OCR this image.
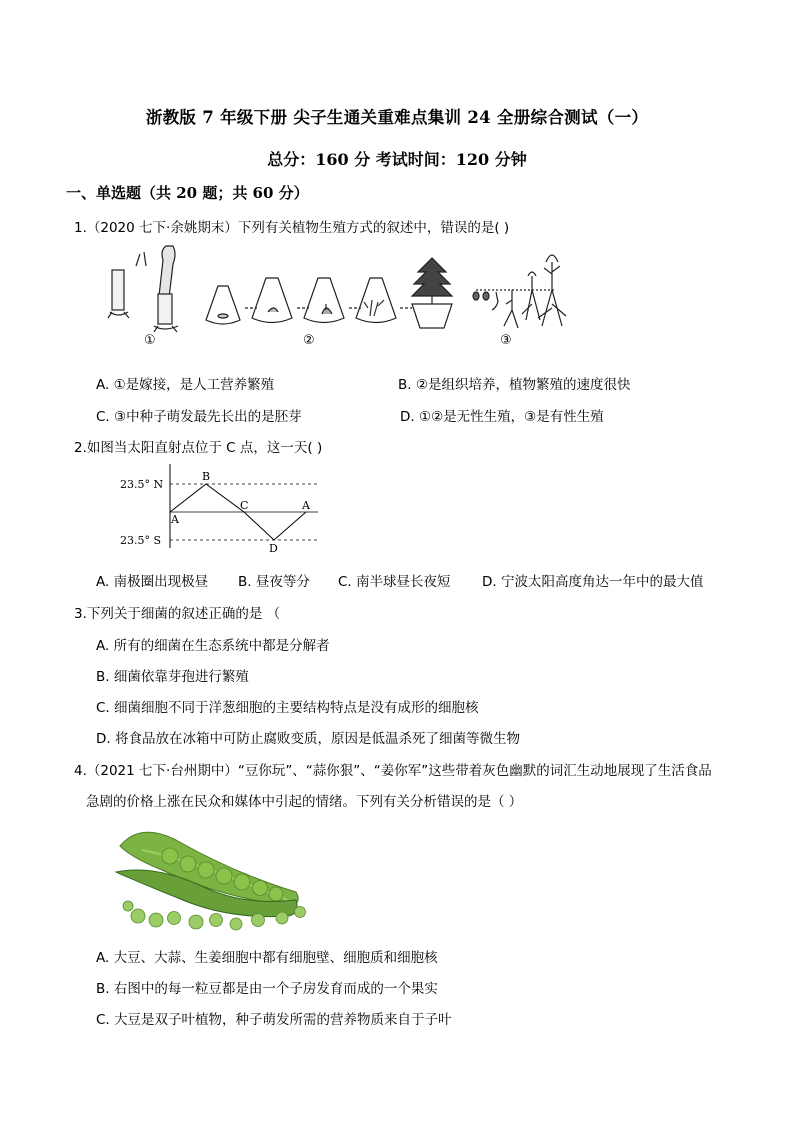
浙教版 7 年级下册 尖子生通关重难点集训 24 全册综合测试（一）
总分：160 分 考试时间：120 分钟
一、单选题（共 20 题；共 60 分）
1.（2020 七下·余姚期末）下列有关植物生殖方式的叙述中，错误的是( )
①	②	③
A. ①是嫁接，是人工营养繁殖	B. ②是组织培养，植物繁殖的速度很快
C. ③中种子萌发最先长出的是胚芽	D. ①②是无性生殖，③是有性生殖
2.如图当太阳直射点位于 C 点，这一天( )
23.5° N
23.5° S
A
B
C
D
A
A. 南极圈出现极昼 B. 昼夜等分 C. 南半球昼长夜短 D. 宁波太阳高度角达一年中的最大值
3.下列关于细菌的叙述正确的是 （
A. 所有的细菌在生态系统中都是分解者
B. 细菌依靠芽孢进行繁殖
C. 细菌细胞不同于洋葱细胞的主要结构特点是没有成形的细胞核
D. 将食品放在冰箱中可防止腐败变质，原因是低温杀死了细菌等微生物
4.（2021 七下·台州期中）“豆你玩”、“蒜你狠”、“姜你军”这些带着灰色幽默的词汇生动地展现了生活食品
急剧的价格上涨在民众和媒体中引起的情绪。下列有关分析错误的是（ ）
A. 大豆、大蒜、生姜细胞中都有细胞壁、细胞质和细胞核
B. 右图中的每一粒豆都是由一个子房发育而成的一个果实
C. 大豆是双子叶植物，种子萌发所需的营养物质来自于子叶
